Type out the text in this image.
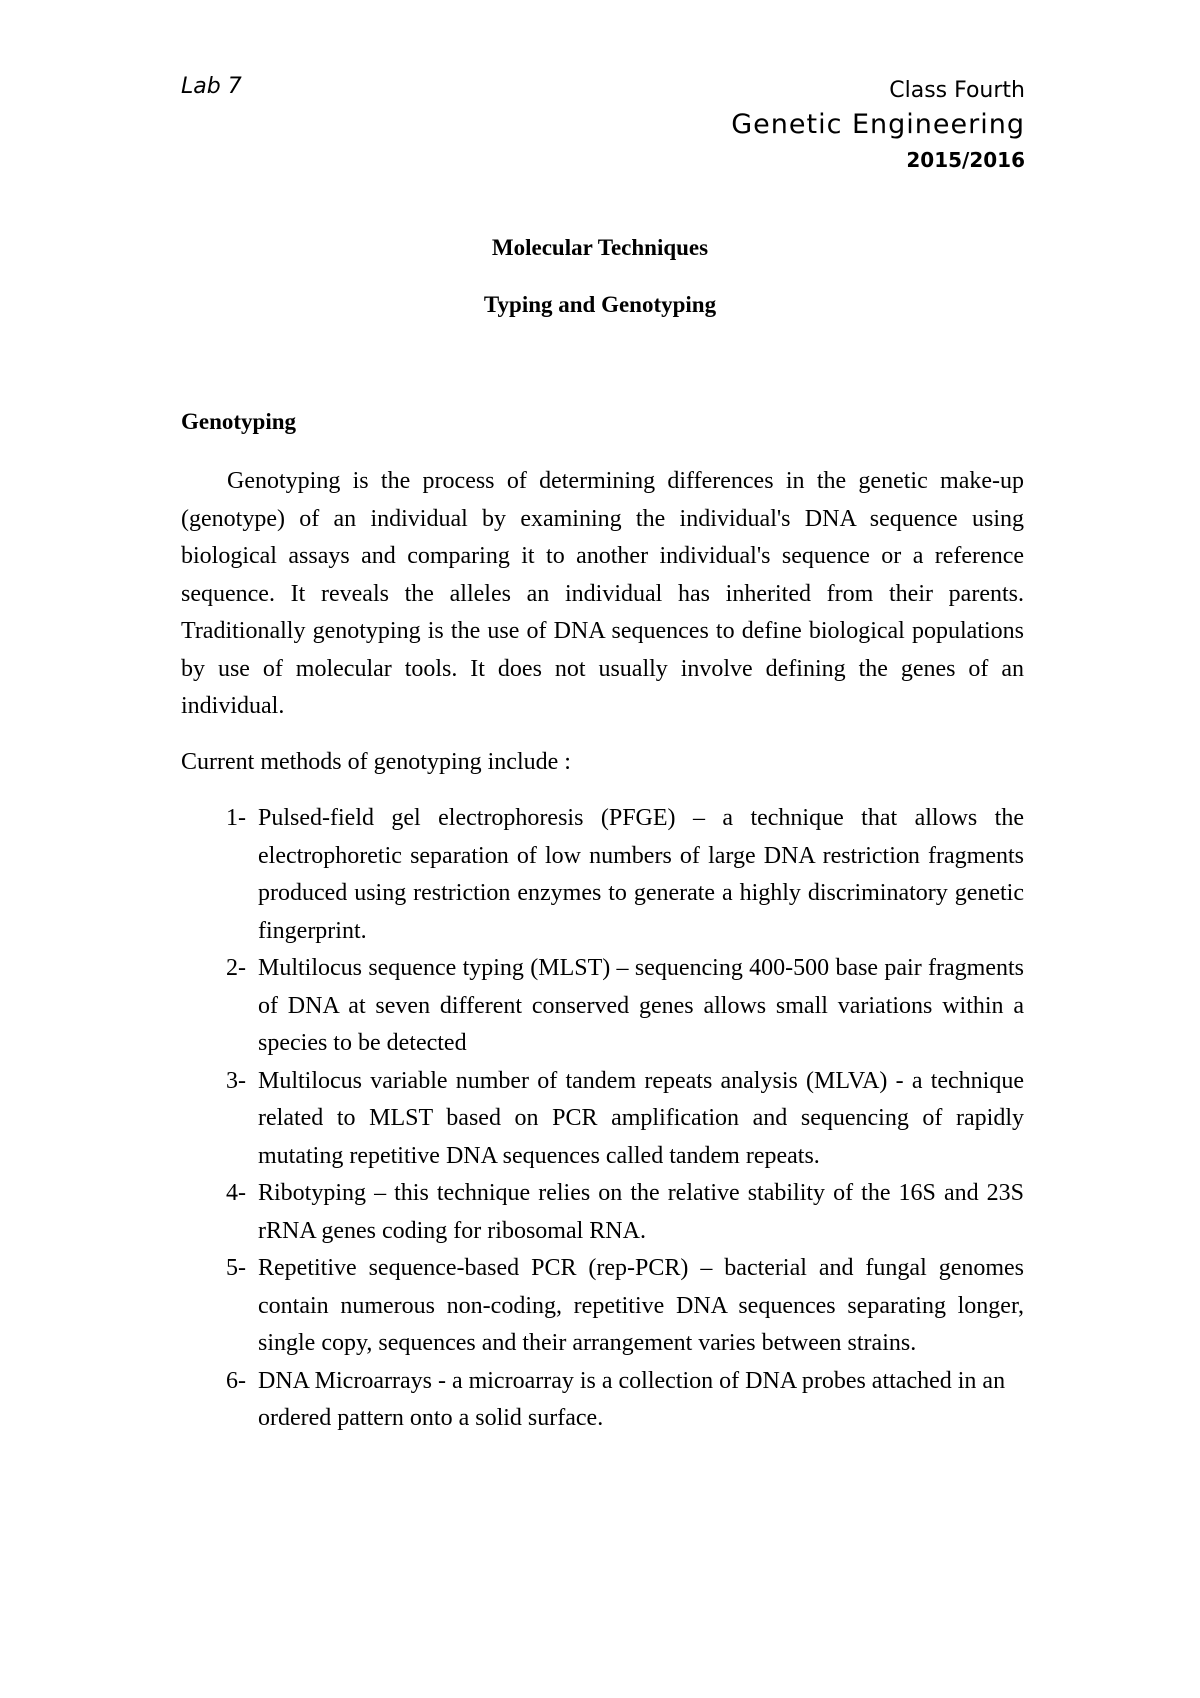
Lab 7	Class Fourth
Genetic Engineering
2015/2016
Molecular Techniques
Typing and Genotyping
Genotyping

Genotyping is the process of determining differences in the genetic make-up (genotype) of an individual by examining the individual's DNA sequence using biological assays and comparing it to another individual's sequence or a reference sequence. It reveals the alleles an individual has inherited from their parents. Traditionally genotyping is the use of DNA sequences to define biological populations by use of molecular tools. It does not usually involve defining the genes of an individual.

Current methods of genotyping include :

1- Pulsed-field gel electrophoresis (PFGE) – a technique that allows the electrophoretic separation of low numbers of large DNA restriction fragments produced using restriction enzymes to generate a highly discriminatory genetic fingerprint.
2- Multilocus sequence typing (MLST) – sequencing 400-500 base pair fragments of DNA at seven different conserved genes allows small variations within a species to be detected
3- Multilocus variable number of tandem repeats analysis (MLVA) - a technique related to MLST based on PCR amplification and sequencing of rapidly mutating repetitive DNA sequences called tandem repeats.
4- Ribotyping – this technique relies on the relative stability of the 16S and 23S rRNA genes coding for ribosomal RNA.
5- Repetitive sequence-based PCR (rep-PCR) – bacterial and fungal genomes contain numerous non-coding, repetitive DNA sequences separating longer, single copy, sequences and their arrangement varies between strains.
6- DNA Microarrays - a microarray is a collection of DNA probes attached in an ordered pattern onto a solid surface.
